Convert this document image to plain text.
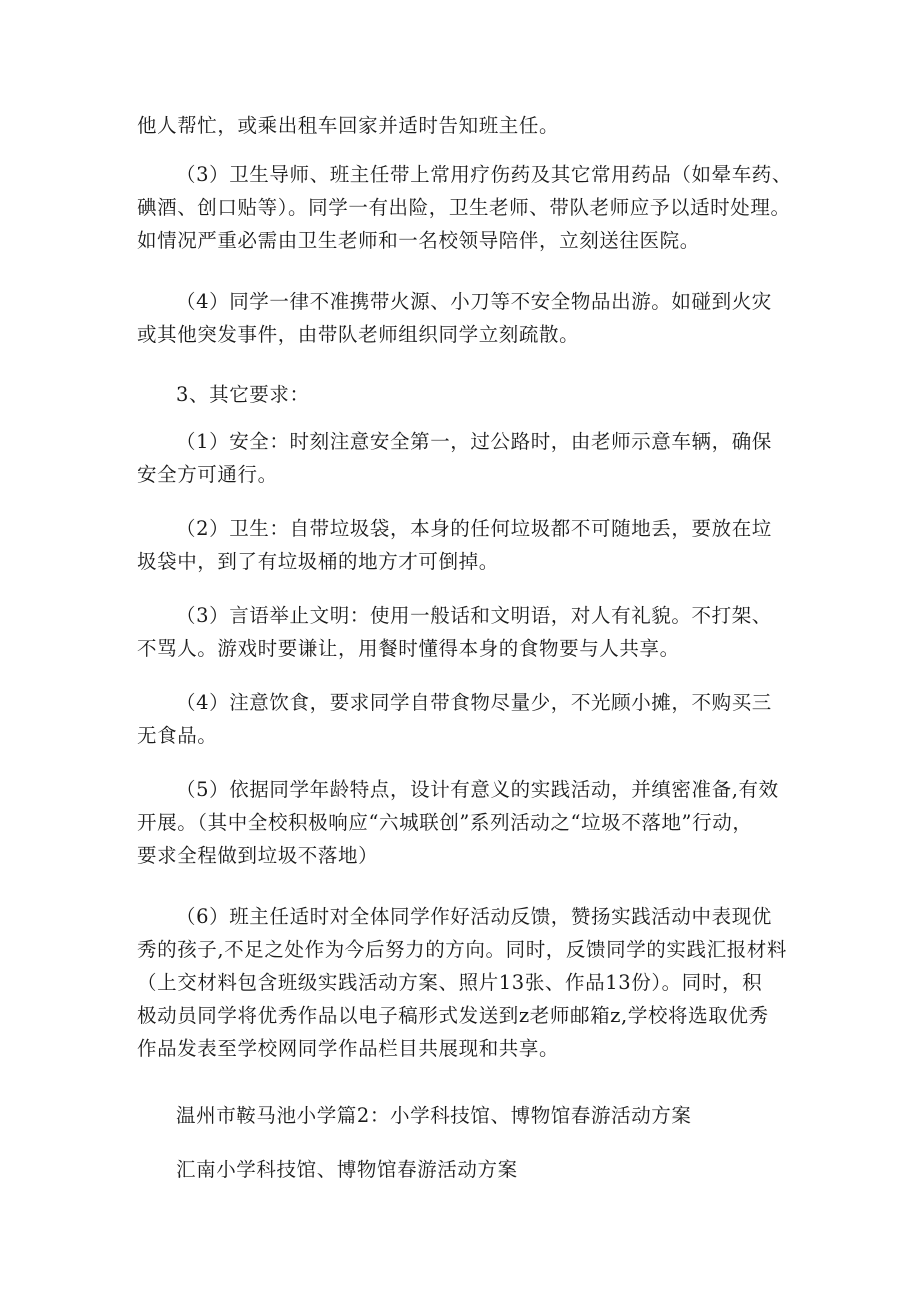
他人帮忙，或乘出租车回家并适时告知班主任。

（3）卫生导师、班主任带上常用疗伤药及其它常用药品（如晕车药、
碘酒、创口贴等）。同学一有出险，卫生老师、带队老师应予以适时处理。
如情况严重必需由卫生老师和一名校领导陪伴，立刻送往医院。

（4）同学一律不准携带火源、小刀等不安全物品出游。如碰到火灾
或其他突发事件，由带队老师组织同学立刻疏散。

3、其它要求：

（1）安全：时刻注意安全第一，过公路时，由老师示意车辆，确保
安全方可通行。

（2）卫生：自带垃圾袋，本身的任何垃圾都不可随地丢，要放在垃
圾袋中，到了有垃圾桶的地方才可倒掉。

（3）言语举止文明：使用一般话和文明语，对人有礼貌。不打架、
不骂人。游戏时要谦让，用餐时懂得本身的食物要与人共享。

（4）注意饮食，要求同学自带食物尽量少，不光顾小摊，不购买三
无食品。

（5）依据同学年龄特点，设计有意义的实践活动，并缜密准备,有效
开展。（其中全校积极响应“六城联创”系列活动之“垃圾不落地”行动，
要求全程做到垃圾不落地）

（6）班主任适时对全体同学作好活动反馈，赞扬实践活动中表现优
秀的孩子,不足之处作为今后努力的方向。同时，反馈同学的实践汇报材料
（上交材料包含班级实践活动方案、照片13张、作品13份）。同时，积
极动员同学将优秀作品以电子稿形式发送到z老师邮箱z,学校将选取优秀
作品发表至学校网同学作品栏目共展现和共享。

温州市鞍马池小学篇2：小学科技馆、博物馆春游活动方案

汇南小学科技馆、博物馆春游活动方案
